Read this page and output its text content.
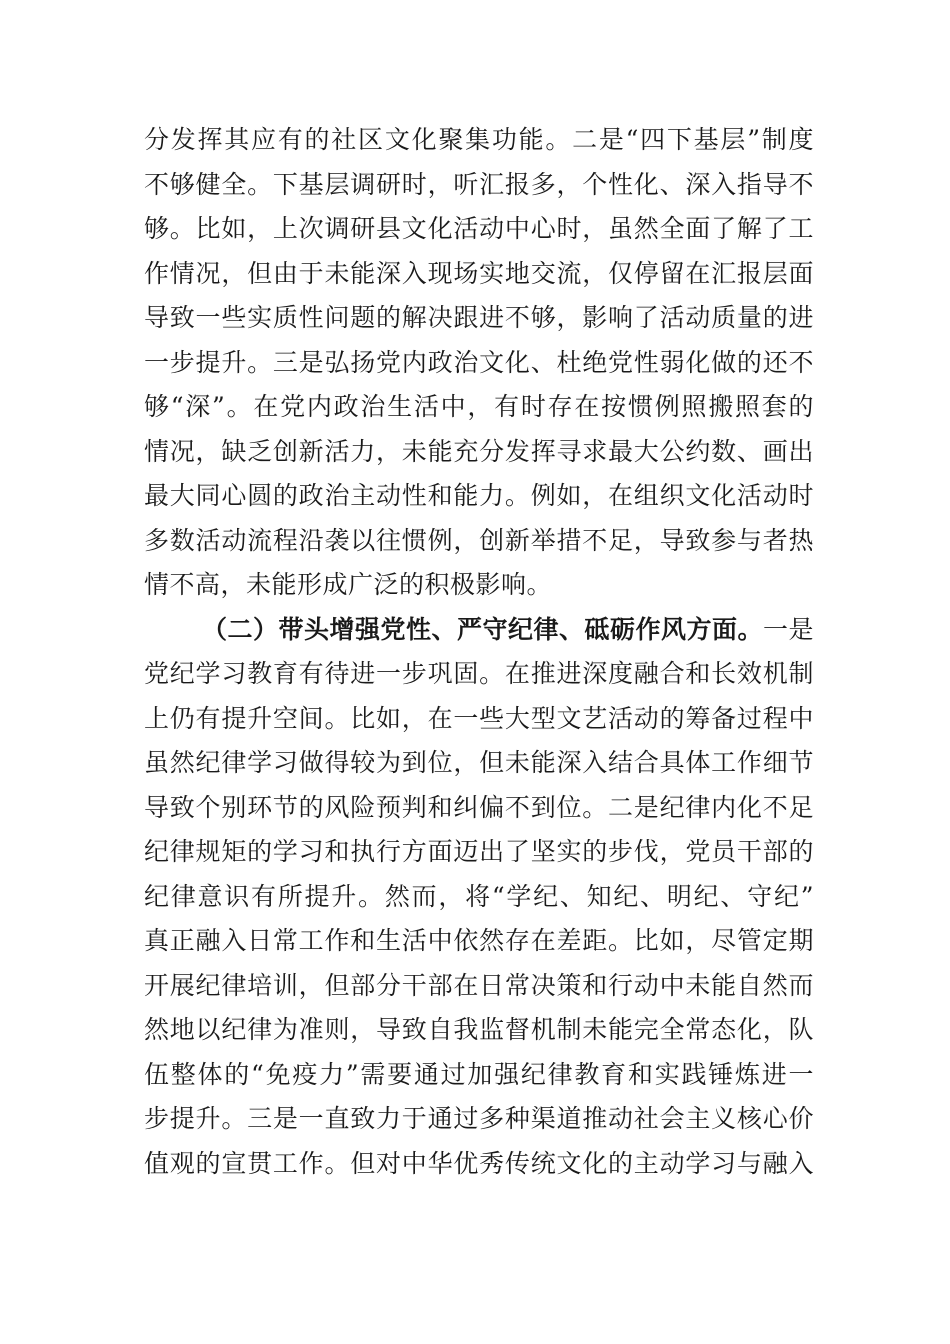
分发挥其应有的社区文化聚集功能。二是“四下基层”制度
不够健全。下基层调研时，听汇报多，个性化、深入指导不
够。比如，上次调研县文化活动中心时，虽然全面了解了工
作情况，但由于未能深入现场实地交流，仅停留在汇报层面
导致一些实质性问题的解决跟进不够，影响了活动质量的进
一步提升。三是弘扬党内政治文化、杜绝党性弱化做的还不
够“深”。在党内政治生活中，有时存在按惯例照搬照套的
情况，缺乏创新活力，未能充分发挥寻求最大公约数、画出
最大同心圆的政治主动性和能力。例如，在组织文化活动时
多数活动流程沿袭以往惯例，创新举措不足，导致参与者热
情不高，未能形成广泛的积极影响。
（二）带头增强党性、严守纪律、砥砺作风方面。一是
党纪学习教育有待进一步巩固。在推进深度融合和长效机制
上仍有提升空间。比如，在一些大型文艺活动的筹备过程中
虽然纪律学习做得较为到位，但未能深入结合具体工作细节
导致个别环节的风险预判和纠偏不到位。二是纪律内化不足
纪律规矩的学习和执行方面迈出了坚实的步伐，党员干部的
纪律意识有所提升。然而，将“学纪、知纪、明纪、守纪”
真正融入日常工作和生活中依然存在差距。比如，尽管定期
开展纪律培训，但部分干部在日常决策和行动中未能自然而
然地以纪律为准则，导致自我监督机制未能完全常态化，队
伍整体的“免疫力”需要通过加强纪律教育和实践锤炼进一
步提升。三是一直致力于通过多种渠道推动社会主义核心价
值观的宣贯工作。但对中华优秀传统文化的主动学习与融入
